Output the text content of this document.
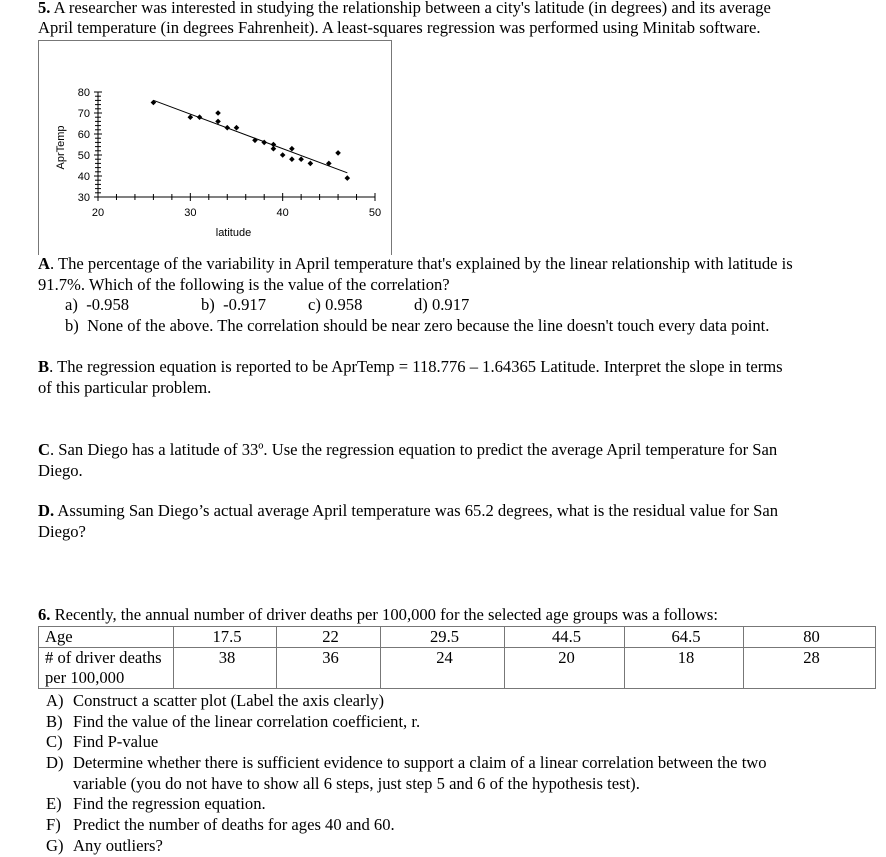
5. A researcher was interested in studying the relationship between a city's latitude (in degrees) and its average
April temperature (in degrees Fahrenheit). A least-squares regression was performed using Minitab software.
30
40
50
60
70
80
20	30	40	50
latitude
AprTemp
A. The percentage of the variability in April temperature that's explained by the linear relationship with latitude is
91.7%. Which of the following is the value of the correlation?
a) -0.958	b) -0.917	c) 0.958	d) 0.917
b) None of the above. The correlation should be near zero because the line doesn't touch every data point.
B. The regression equation is reported to be AprTemp = 118.776 – 1.64365 Latitude. Interpret the slope in terms
of this particular problem.
C. San Diego has a latitude of 33º. Use the regression equation to predict the average April temperature for San
Diego.
D. Assuming San Diego’s actual average April temperature was 65.2 degrees, what is the residual value for San
Diego?
6. Recently, the annual number of driver deaths per 100,000 for the selected age groups was a follows:
Age	17.5	22	29.5	44.5	64.5	80
# of driver deaths per 100,000	38	36	24	20	18	28
A) Construct a scatter plot (Label the axis clearly)
B) Find the value of the linear correlation coefficient, r.
C) Find P-value
D) Determine whether there is sufficient evidence to support a claim of a linear correlation between the two
variable (you do not have to show all 6 steps, just step 5 and 6 of the hypothesis test).
E) Find the regression equation.
F) Predict the number of deaths for ages 40 and 60.
G) Any outliers?
